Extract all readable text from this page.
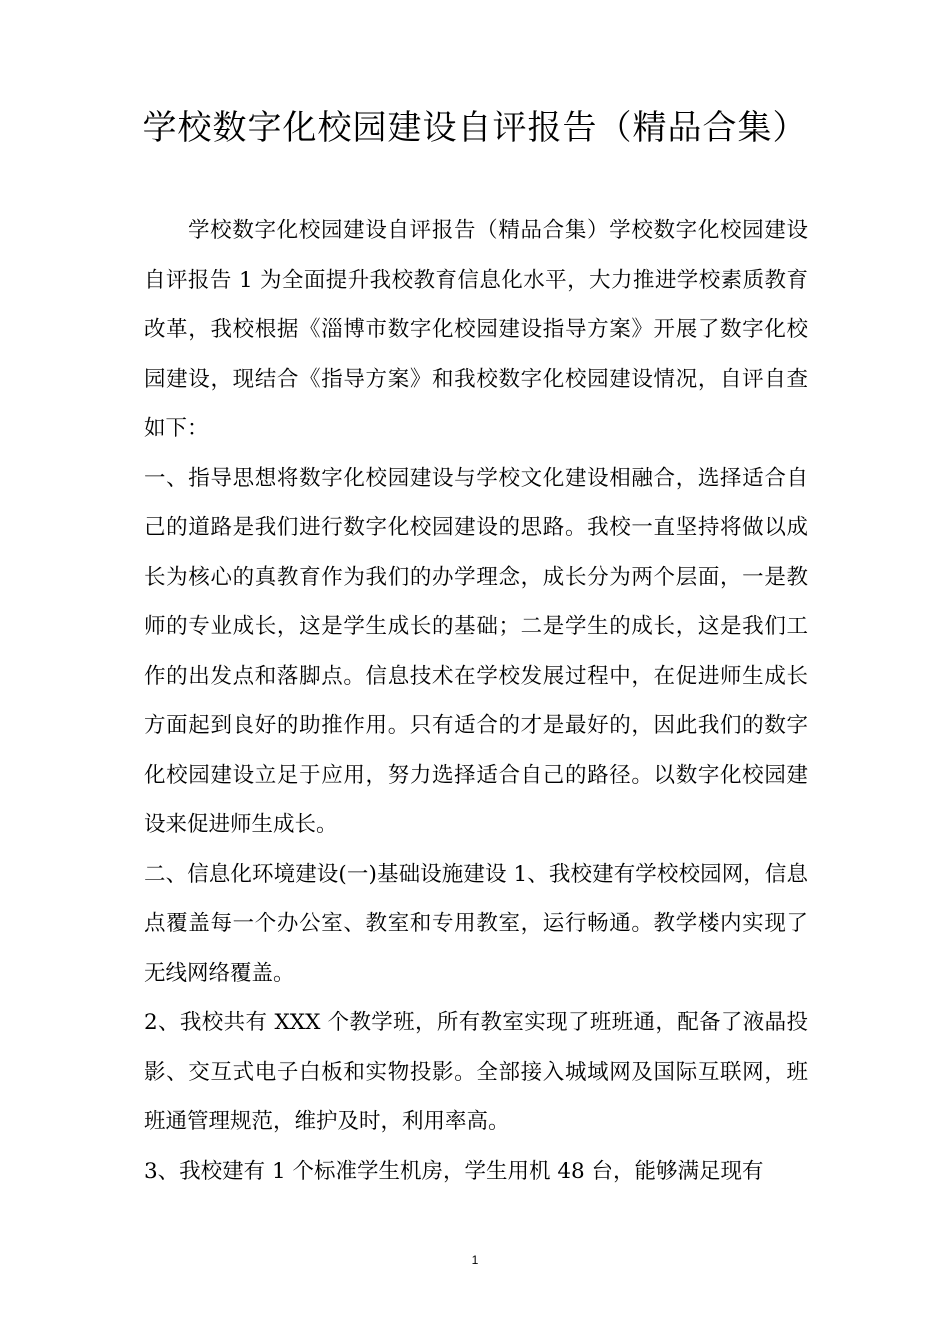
学校数字化校园建设自评报告（精品合集）

学校数字化校园建设自评报告（精品合集）学校数字化校园建设自评报告 1 为全面提升我校教育信息化水平，大力推进学校素质教育改革，我校根据《淄博市数字化校园建设指导方案》开展了数字化校园建设，现结合《指导方案》和我校数字化校园建设情况，自评自查如下：

一、指导思想将数字化校园建设与学校文化建设相融合，选择适合自己的道路是我们进行数字化校园建设的思路。我校一直坚持将做以成长为核心的真教育作为我们的办学理念，成长分为两个层面，一是教师的专业成长，这是学生成长的基础；二是学生的成长，这是我们工作的出发点和落脚点。信息技术在学校发展过程中，在促进师生成长方面起到良好的助推作用。只有适合的才是最好的，因此我们的数字化校园建设立足于应用，努力选择适合自己的路径。以数字化校园建设来促进师生成长。

二、信息化环境建设(一)基础设施建设 1、我校建有学校校园网，信息点覆盖每一个办公室、教室和专用教室，运行畅通。教学楼内实现了无线网络覆盖。

2、我校共有 XXX 个教学班，所有教室实现了班班通，配备了液晶投影、交互式电子白板和实物投影。全部接入城域网及国际互联网，班班通管理规范，维护及时，利用率高。

3、我校建有 1 个标准学生机房，学生用机 48 台，能够满足现有

1
